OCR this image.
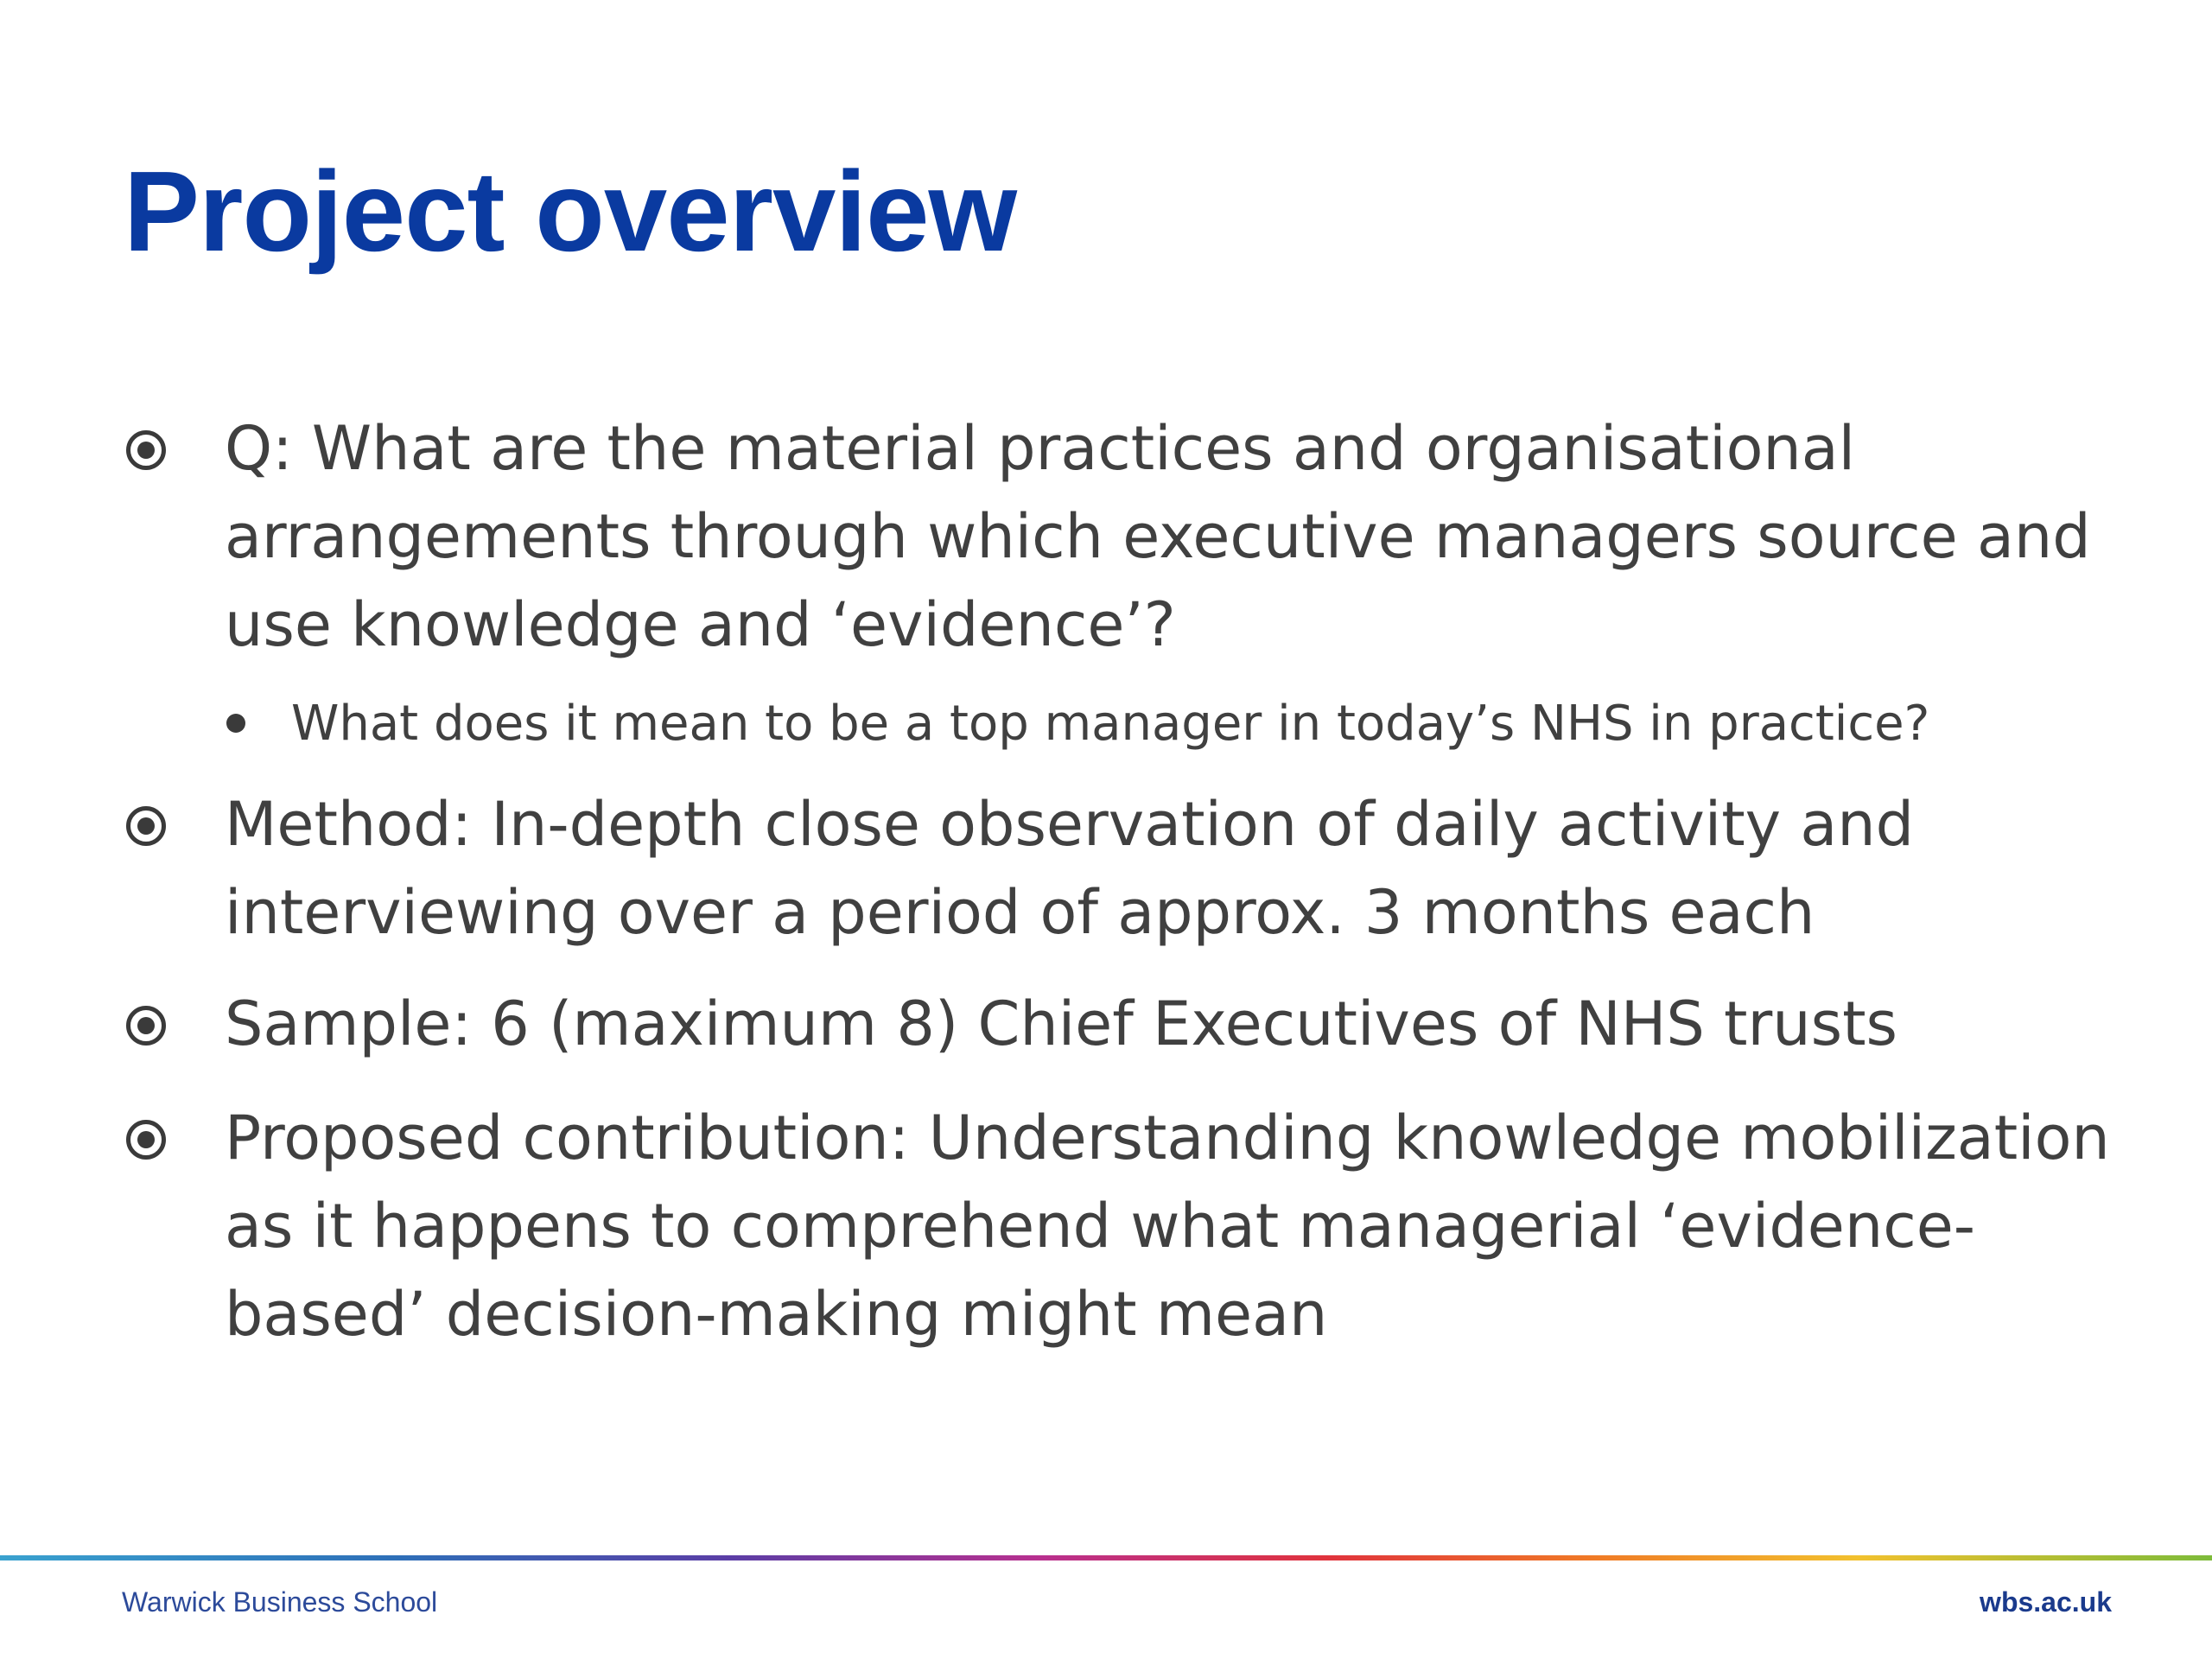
Project overview

Q: What are the material practices and organisational arrangements through which executive managers source and use knowledge and ‘evidence’?

What does it mean to be a top manager in today’s NHS in practice?

Method: In-depth close observation of daily activity and interviewing over a period of approx. 3 months each

Sample: 6 (maximum 8) Chief Executives of NHS trusts

Proposed contribution: Understanding knowledge mobilization as it happens to comprehend what managerial ‘evidence-based’ decision-making might mean

Warwick Business School	wbs.ac.uk
